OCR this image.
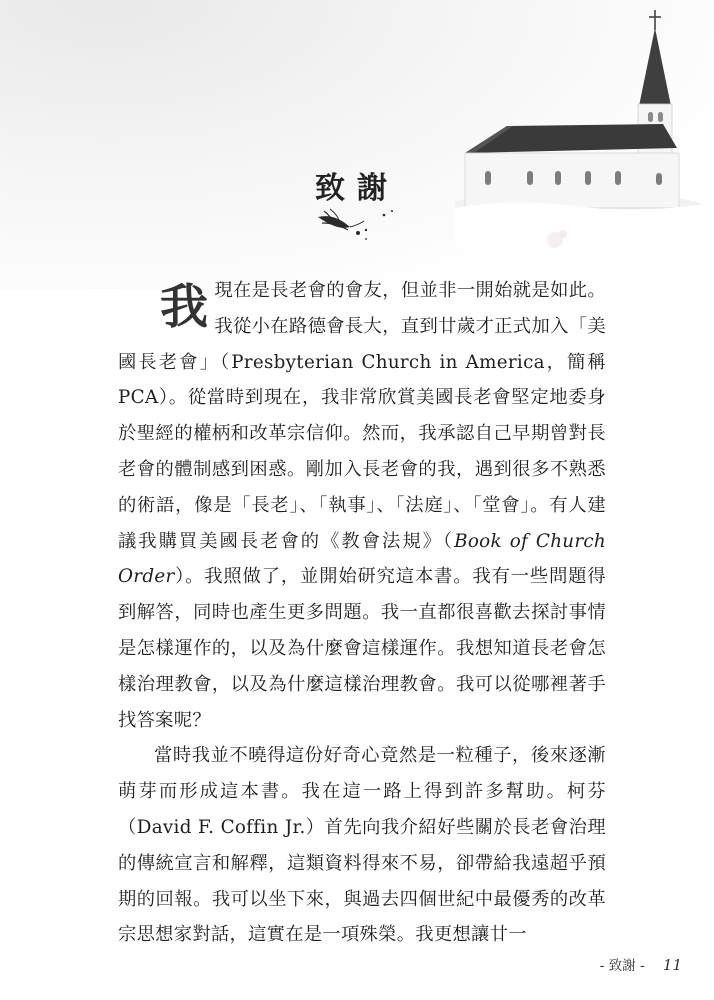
致謝

我現在是長老會的會友，但並非一開始就是如此。我從小在路德會長大，直到廿歲才正式加入「美國長老會」（Presbyterian Church in America，簡稱 PCA）。從當時到現在，我非常欣賞美國長老會堅定地委身於聖經的權柄和改革宗信仰。然而，我承認自己早期曾對長老會的體制感到困惑。剛加入長老會的我，遇到很多不熟悉的術語，像是「長老」、「執事」、「法庭」、「堂會」。有人建議我購買美國長老會的《教會法規》（Book of Church Order）。我照做了，並開始研究這本書。我有一些問題得到解答，同時也產生更多問題。我一直都很喜歡去探討事情是怎樣運作的，以及為什麼會這樣運作。我想知道長老會怎樣治理教會，以及為什麼這樣治理教會。我可以從哪裡著手找答案呢？

當時我並不曉得這份好奇心竟然是一粒種子，後來逐漸萌芽而形成這本書。我在這一路上得到許多幫助。柯芬（David F. Coffin Jr.）首先向我介紹好些關於長老會治理的傳統宣言和解釋，這類資料得來不易，卻帶給我遠超乎預期的回報。我可以坐下來，與過去四個世紀中最優秀的改革宗思想家對話，這實在是一項殊榮。我更想讓廿一

- 致謝 - 11
